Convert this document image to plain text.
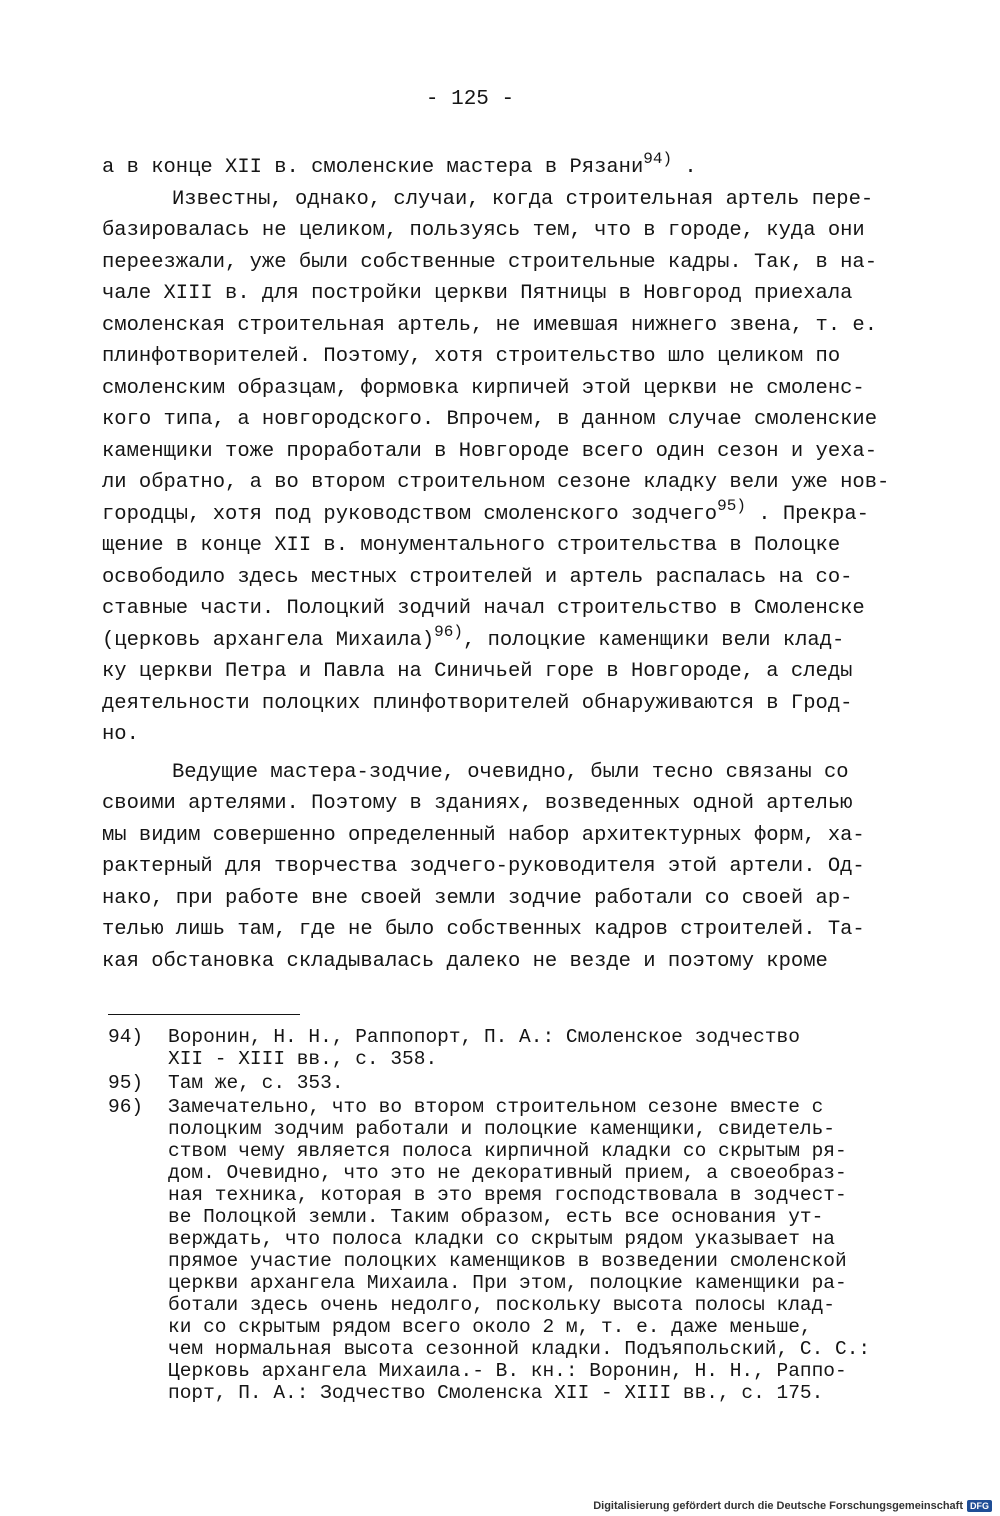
- 125 -
а в конце XII в. смоленские мастера в Рязани$^{94)}$ .
Известны, однако, случаи, когда строительная артель пере-
базировалась не целиком, пользуясь тем, что в городе, куда они
переезжали, уже были собственные строительные кадры. Так, в на-
чале XIII в. для постройки церкви Пятницы в Новгород приехала
смоленская строительная артель, не имевшая нижнего звена, т. е.
плинфотворителей. Поэтому, хотя строительство шло целиком по
смоленским образцам, формовка кирпичей этой церкви не смоленс-
кого типа, а новгородского. Впрочем, в данном случае смоленские
каменщики тоже проработали в Новгороде всего один сезон и уеха-
ли обратно, а во втором строительном сезоне кладку вели уже нов-
городцы, хотя под руководством смоленского зодчего$^{95)}$ . Прекра-
щение в конце XII в. монументального строительства в Полоцке
освободило здесь местных строителей и артель распалась на со-
ставные части. Полоцкий зодчий начал строительство в Смоленске
(церковь архангела Михаила)$^{96)}$, полоцкие каменщики вели клад-
ку церкви Петра и Павла на Синичьей горе в Новгороде, а следы
деятельности полоцких плинфотворителей обнаруживаются в Грод-
но.
Ведущие мастера-зодчие, очевидно, были тесно связаны со
своими артелями. Поэтому в зданиях, возведенных одной артелью
мы видим совершенно определенный набор архитектурных форм, ха-
рактерный для творчества зодчего-руководителя этой артели. Од-
нако, при работе вне своей земли зодчие работали со своей ар-
телью лишь там, где не было собственных кадров строителей. Та-
кая обстановка складывалась далеко не везде и поэтому кроме
94)	Воронин, Н. Н., Раппопорт, П. А.: Смоленское зодчество
XII - XIII вв., с. 358.
95)	Там же, с. 353.
96)	Замечательно, что во втором строительном сезоне вместе с
полоцким зодчим работали и полоцкие каменщики, свидетель-
ством чему является полоса кирпичной кладки со скрытым ря-
дом. Очевидно, что это не декоративный прием, а своеобраз-
ная техника, которая в это время господствовала в зодчест-
ве Полоцкой земли. Таким образом, есть все основания ут-
верждать, что полоса кладки со скрытым рядом указывает на
прямое участие полоцких каменщиков в возведении смоленской
церкви архангела Михаила. При этом, полоцкие каменщики ра-
ботали здесь очень недолго, поскольку высота полосы клад-
ки со скрытым рядом всего около 2 м, т. е. даже меньше,
чем нормальная высота сезонной кладки. Подъяпольский, С. С.:
Церковь архангела Михаила.- В. кн.: Воронин, Н. Н., Раппо-
порт, П. А.: Зодчество Смоленска XII - XIII вв., с. 175.
Digitalisierung gefördert durch die Deutsche Forschungsgemeinschaft DFG
